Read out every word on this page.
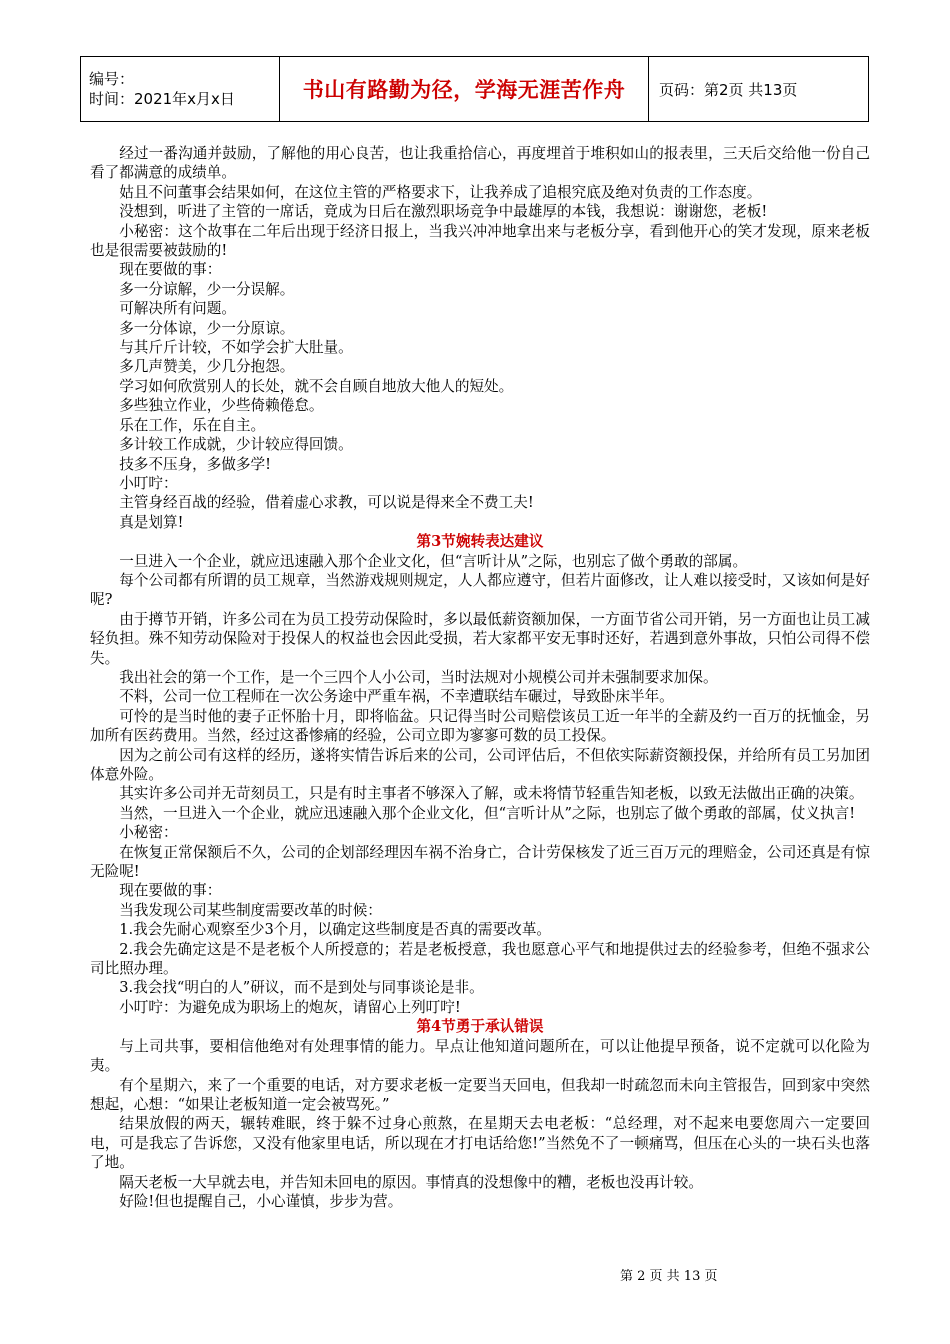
编号：
时间：2021年x月x日	书山有路勤为径，学海无涯苦作舟	页码：第2页 共13页

经过一番沟通并鼓励，了解他的用心良苦，也让我重拾信心，再度埋首于堆积如山的报表里，三天后交给他一份自己看了都满意的成绩单。

姑且不问董事会结果如何，在这位主管的严格要求下，让我养成了追根究底及绝对负责的工作态度。

没想到，听进了主管的一席话，竟成为日后在激烈职场竞争中最雄厚的本钱，我想说：谢谢您，老板!

小秘密：这个故事在二年后出现于经济日报上，当我兴冲冲地拿出来与老板分享，看到他开心的笑才发现，原来老板也是很需要被鼓励的!

现在要做的事：

多一分谅解，少一分误解。

可解决所有问题。

多一分体谅，少一分原谅。

与其斤斤计较，不如学会扩大肚量。

多几声赞美，少几分抱怨。

学习如何欣赏别人的长处，就不会自顾自地放大他人的短处。

多些独立作业，少些倚赖倦怠。

乐在工作，乐在自主。

多计较工作成就，少计较应得回馈。

技多不压身，多做多学!

小叮咛：

主管身经百战的经验，借着虚心求教，可以说是得来全不费工夫!

真是划算!

第3节婉转表达建议

一旦进入一个企业，就应迅速融入那个企业文化，但“言听计从”之际，也别忘了做个勇敢的部属。

每个公司都有所谓的员工规章，当然游戏规则规定，人人都应遵守，但若片面修改，让人难以接受时，又该如何是好呢?

由于撙节开销，许多公司在为员工投劳动保险时，多以最低薪资额加保，一方面节省公司开销，另一方面也让员工减轻负担。殊不知劳动保险对于投保人的权益也会因此受损，若大家都平安无事时还好，若遇到意外事故，只怕公司得不偿失。

我出社会的第一个工作，是一个三四个人小公司，当时法规对小规模公司并未强制要求加保。

不料，公司一位工程师在一次公务途中严重车祸，不幸遭联结车碾过，导致卧床半年。

可怜的是当时他的妻子正怀胎十月，即将临盆。只记得当时公司赔偿该员工近一年半的全薪及约一百万的抚恤金，另加所有医药费用。当然，经过这番惨痛的经验，公司立即为寥寥可数的员工投保。

因为之前公司有这样的经历，遂将实情告诉后来的公司，公司评估后，不但依实际薪资额投保，并给所有员工另加团体意外险。

其实许多公司并无苛刻员工，只是有时主事者不够深入了解，或未将情节轻重告知老板，以致无法做出正确的决策。

当然，一旦进入一个企业，就应迅速融入那个企业文化，但“言听计从”之际，也别忘了做个勇敢的部属，仗义执言!

小秘密：

在恢复正常保额后不久，公司的企划部经理因车祸不治身亡，合计劳保核发了近三百万元的理赔金，公司还真是有惊无险呢!

现在要做的事：

当我发现公司某些制度需要改革的时候：

1.我会先耐心观察至少3个月，以确定这些制度是否真的需要改革。

2.我会先确定这是不是老板个人所授意的；若是老板授意，我也愿意心平气和地提供过去的经验参考，但绝不强求公司比照办理。

3.我会找“明白的人”研议，而不是到处与同事谈论是非。

小叮咛：为避免成为职场上的炮灰，请留心上列叮咛!

第4节勇于承认错误

与上司共事，要相信他绝对有处理事情的能力。早点让他知道问题所在，可以让他提早预备，说不定就可以化险为夷。

有个星期六，来了一个重要的电话，对方要求老板一定要当天回电，但我却一时疏忽而未向主管报告，回到家中突然想起，心想：“如果让老板知道一定会被骂死。”

结果放假的两天，辗转难眠，终于躲不过身心煎熬，在星期天去电老板：“总经理，对不起来电要您周六一定要回电，可是我忘了告诉您，又没有他家里电话，所以现在才打电话给您!”当然免不了一顿痛骂，但压在心头的一块石头也落了地。

隔天老板一大早就去电，并告知未回电的原因。事情真的没想像中的糟，老板也没再计较。

好险!但也提醒自己，小心谨慎，步步为营。

第 2 页 共 13 页
